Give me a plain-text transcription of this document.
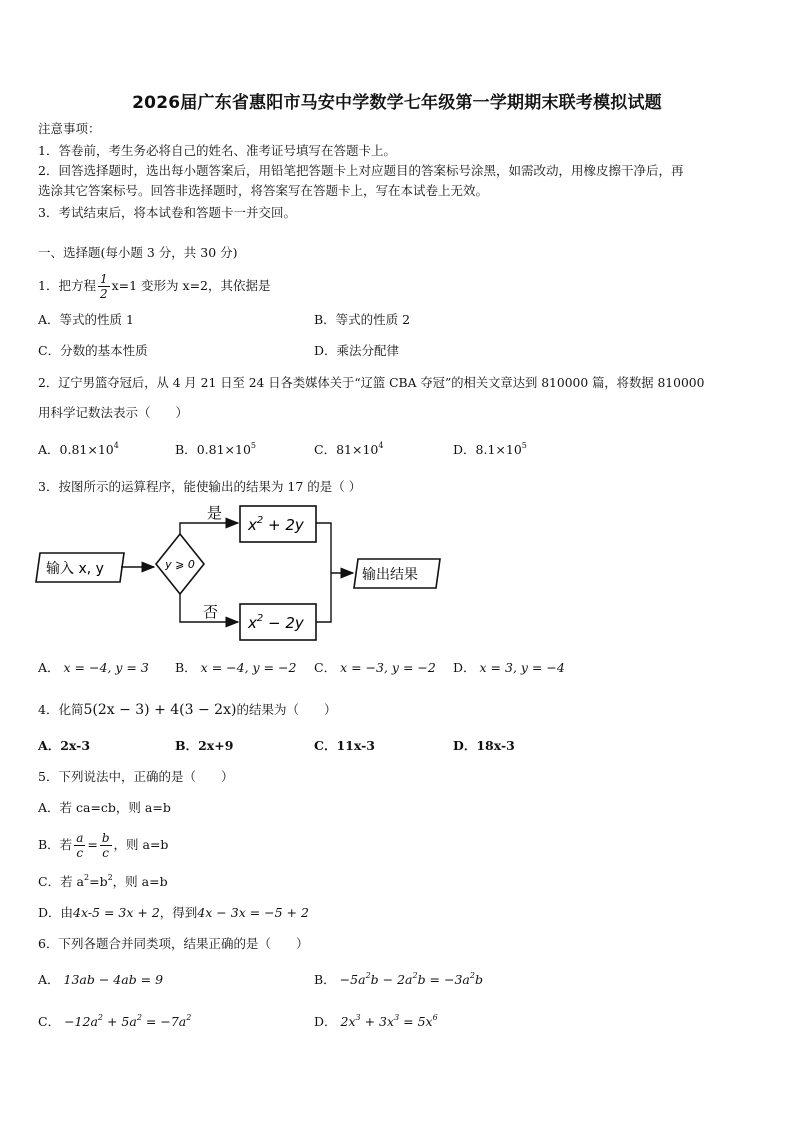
2026届广东省惠阳市马安中学数学七年级第一学期期末联考模拟试题
注意事项：
1．答卷前，考生务必将自己的姓名、准考证号填写在答题卡上。
2．回答选择题时，选出每小题答案后，用铅笔把答题卡上对应题目的答案标号涂黑，如需改动，用橡皮擦干净后，再
选涂其它答案标号。回答非选择题时，将答案写在答题卡上，写在本试卷上无效。
3．考试结束后，将本试卷和答题卡一并交回。
一、选择题(每小题 3 分，共 30 分)
1．把方程 $\frac{1}{2} x=1$ 变形为 x=2，其依据是
A．等式的性质 1	B．等式的性质 2
C．分数的基本性质	D．乘法分配律
2．辽宁男篮夺冠后，从 4 月 21 日至 24 日各类媒体关于“辽篮 CBA 夺冠”的相关文章达到 810000 篇，将数据 810000
用科学记数法表示（　　）
A．$0.81\times 10^4$	B．$0.81\times 10^5$	C．$81\times 10^4$	D．$8.1\times 10^5$
3．按图所示的运算程序，能使输出的结果为 17 的是（ ）
输入 x, y	y ⩾ 0
是
$x^2 + 2y$
否
$x^2 - 2y$
输出结果
A． x = −4, y = 3 B． x = −4, y = −2 C． x = −3, y = −2 D． x = 3, y = −4
4．化简5(2x − 3) + 4(3 − 2x)的结果为（　　）
A．2x-3	B．2x+9	C．11x-3	D．18x-3
5．下列说法中，正确的是（　　）
A．若 ca=cb，则 a=b
B．若 $\frac{a}{c} = \frac{b}{c}$ ，则 a=b
C．若 $a^2=b^2$，则 a=b
D．由4x-5 = 3x + 2，得到4x − 3x = −5 + 2
6．下列各题合并同类项，结果正确的是（　　）
A． 13ab − 4ab = 9	B． $-5a^2b - 2a^2b = -3a^2b$
C． $-12a^2 + 5a^2 = -7a^2$	D． $2x^3 + 3x^3 = 5x^6$
